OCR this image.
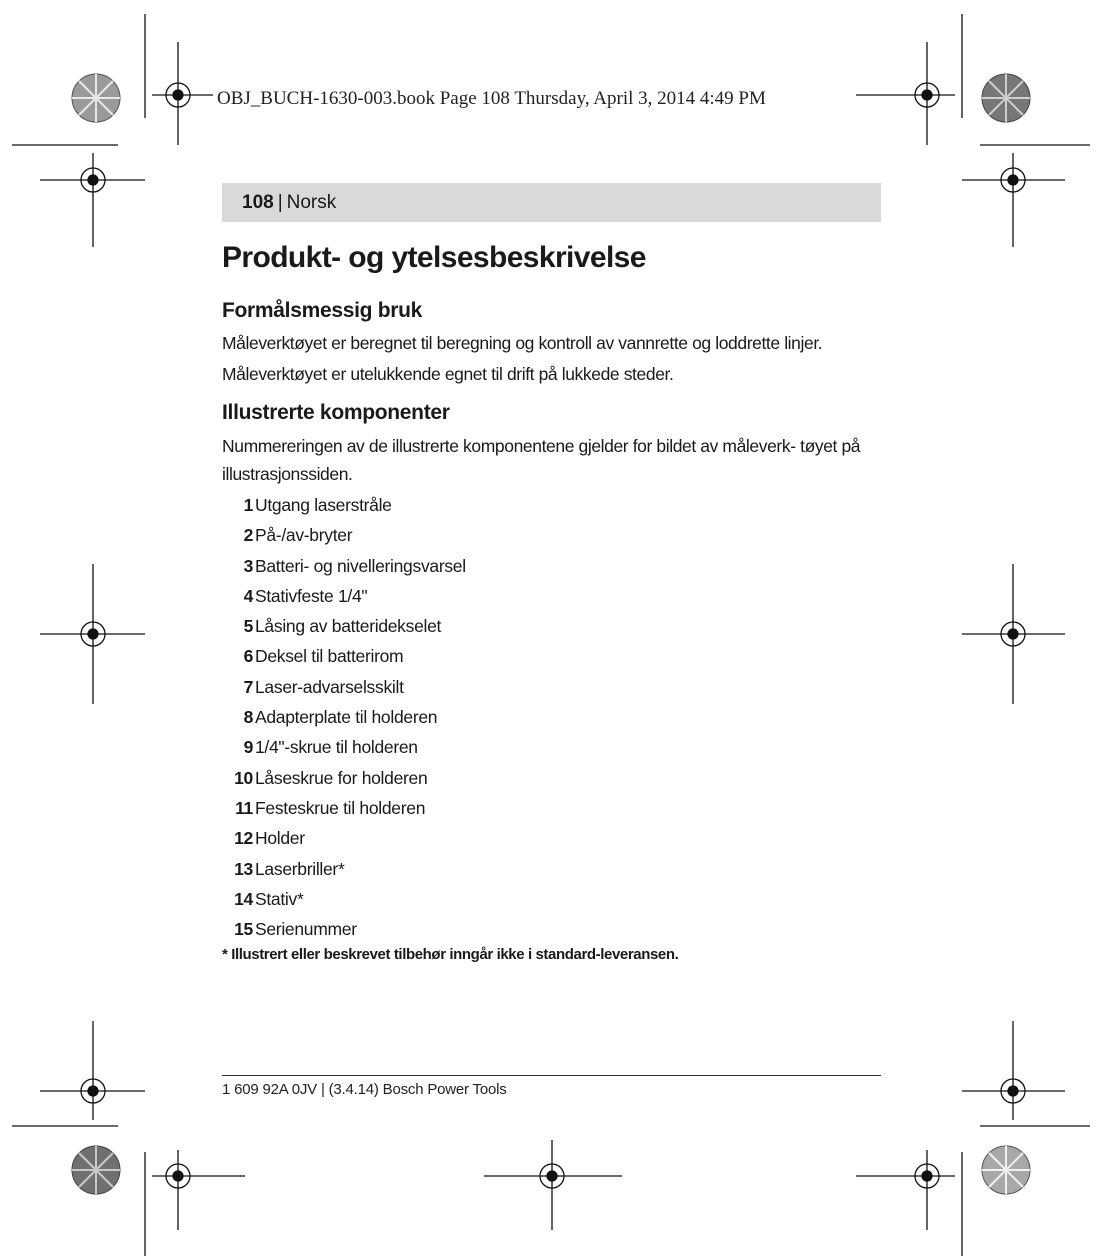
OBJ_BUCH-1630-003.book Page 108 Thursday, April 3, 2014 4:49 PM
108 | Norsk
Produkt- og ytelsesbeskrivelse
Formålsmessig bruk

Måleverktøyet er beregnet til beregning og kontroll av vannrette og loddrette linjer.

Måleverktøyet er utelukkende egnet til drift på lukkede steder.

Illustrerte komponenter

Nummereringen av de illustrerte komponentene gjelder for bildet av måleverk- tøyet på illustrasjonssiden.

1 Utgang laserstråle
2 På-/av-bryter
3 Batteri- og nivelleringsvarsel
4 Stativfeste 1/4"
5 Låsing av batteridekselet
6 Deksel til batterirom
7 Laser-advarselsskilt
8 Adapterplate til holderen
9 1/4"-skrue til holderen
10 Låseskrue for holderen
11 Festeskrue til holderen
12 Holder
13 Laserbriller*
14 Stativ*
15 Serienummer
* Illustrert eller beskrevet tilbehør inngår ikke i standard-leveransen.
1 609 92A 0JV | (3.4.14) Bosch Power Tools
